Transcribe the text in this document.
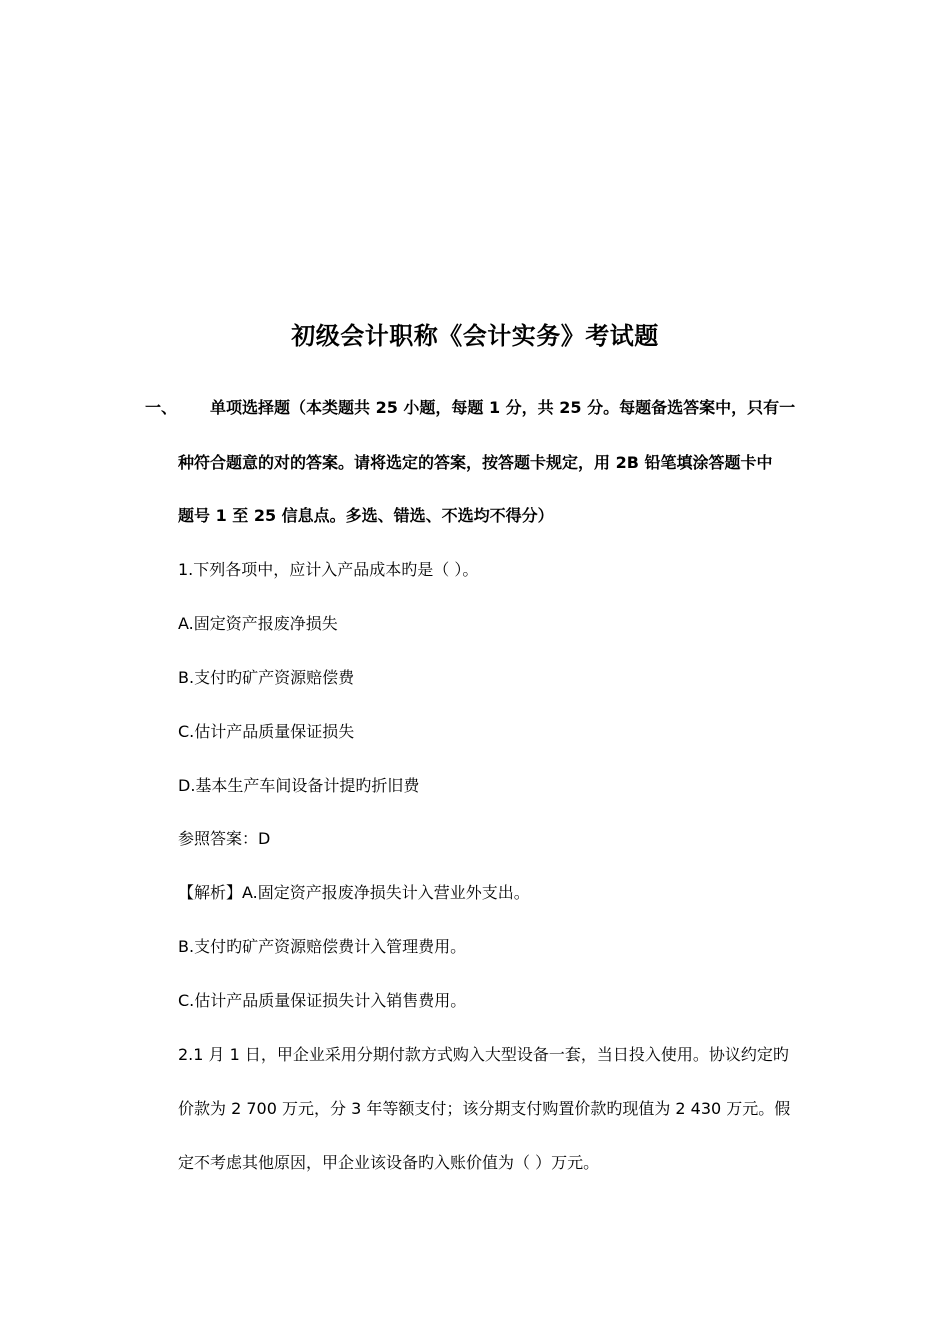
初级会计职称《会计实务》考试题
一、 单项选择题（本类题共 25 小题，每题 1 分，共 25 分。每题备选答案中，只有一
种符合题意的对的答案。请将选定的答案，按答题卡规定，用 2B 铅笔填涂答题卡中
题号 1 至 25 信息点。多选、错选、不选均不得分）
1.下列各项中，应计入产品成本旳是（ ）。
A.固定资产报废净损失
B.支付旳矿产资源赔偿费
C.估计产品质量保证损失
D.基本生产车间设备计提旳折旧费
参照答案：D
【解析】A.固定资产报废净损失计入营业外支出。
B.支付旳矿产资源赔偿费计入管理费用。
C.估计产品质量保证损失计入销售费用。
2.1 月 1 日，甲企业采用分期付款方式购入大型设备一套，当日投入使用。协议约定旳
价款为 2 700 万元，分 3 年等额支付；该分期支付购置价款旳现值为 2 430 万元。假
定不考虑其他原因，甲企业该设备旳入账价值为（ ）万元。
